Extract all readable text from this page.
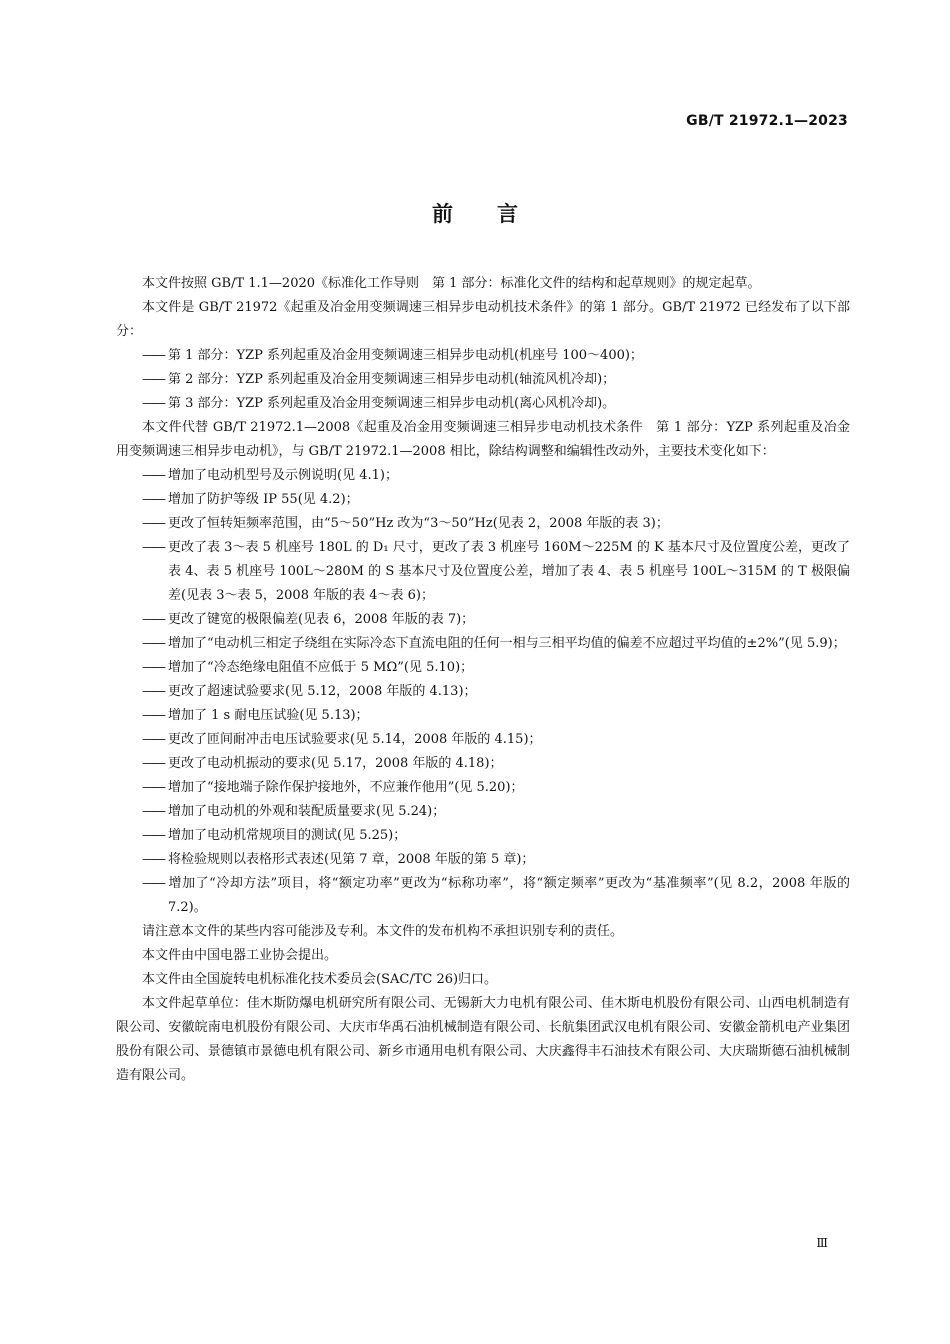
GB/T 21972.1—2023
前言

本文件按照 GB/T 1.1—2020《标准化工作导则　第 1 部分：标准化文件的结构和起草规则》的规定起草。

本文件是 GB/T 21972《起重及冶金用变频调速三相异步电动机技术条件》的第 1 部分。GB/T 21972 已经发布了以下部分：

—— 第 1 部分：YZP 系列起重及冶金用变频调速三相异步电动机(机座号 100～400)；

—— 第 2 部分：YZP 系列起重及冶金用变频调速三相异步电动机(轴流风机冷却)；

—— 第 3 部分：YZP 系列起重及冶金用变频调速三相异步电动机(离心风机冷却)。

本文件代替 GB/T 21972.1—2008《起重及冶金用变频调速三相异步电动机技术条件　第 1 部分：YZP 系列起重及冶金用变频调速三相异步电动机》，与 GB/T 21972.1—2008 相比，除结构调整和编辑性改动外，主要技术变化如下：

—— 增加了电动机型号及示例说明(见 4.1)；

—— 增加了防护等级 IP 55(见 4.2)；

—— 更改了恒转矩频率范围，由“5～50”Hz 改为“3～50”Hz(见表 2，2008 年版的表 3)；

—— 更改了表 3～表 5 机座号 180L 的 D₁ 尺寸，更改了表 3 机座号 160M～225M 的 K 基本尺寸及位置度公差，更改了表 4、表 5 机座号 100L～280M 的 S 基本尺寸及位置度公差，增加了表 4、表 5 机座号 100L～315M 的 T 极限偏差(见表 3～表 5，2008 年版的表 4～表 6)；

—— 更改了键宽的极限偏差(见表 6，2008 年版的表 7)；

—— 增加了“电动机三相定子绕组在实际冷态下直流电阻的任何一相与三相平均值的偏差不应超过平均值的±2%”(见 5.9)；

—— 增加了“冷态绝缘电阻值不应低于 5 MΩ”(见 5.10)；

—— 更改了超速试验要求(见 5.12，2008 年版的 4.13)；

—— 增加了 1 s 耐电压试验(见 5.13)；

—— 更改了匝间耐冲击电压试验要求(见 5.14，2008 年版的 4.15)；

—— 更改了电动机振动的要求(见 5.17，2008 年版的 4.18)；

—— 增加了“接地端子除作保护接地外，不应兼作他用”(见 5.20)；

—— 增加了电动机的外观和装配质量要求(见 5.24)；

—— 增加了电动机常规项目的测试(见 5.25)；

—— 将检验规则以表格形式表述(见第 7 章，2008 年版的第 5 章)；

—— 增加了“冷却方法”项目，将“额定功率”更改为“标称功率”，将“额定频率”更改为“基准频率”(见 8.2，2008 年版的 7.2)。

请注意本文件的某些内容可能涉及专利。本文件的发布机构不承担识别专利的责任。

本文件由中国电器工业协会提出。

本文件由全国旋转电机标准化技术委员会(SAC/TC 26)归口。

本文件起草单位：佳木斯防爆电机研究所有限公司、无锡新大力电机有限公司、佳木斯电机股份有限公司、山西电机制造有限公司、安徽皖南电机股份有限公司、大庆市华禹石油机械制造有限公司、长航集团武汉电机有限公司、安徽金箭机电产业集团股份有限公司、景德镇市景德电机有限公司、新乡市通用电机有限公司、大庆鑫得丰石油技术有限公司、大庆瑞斯德石油机械制造有限公司。

Ⅲ
